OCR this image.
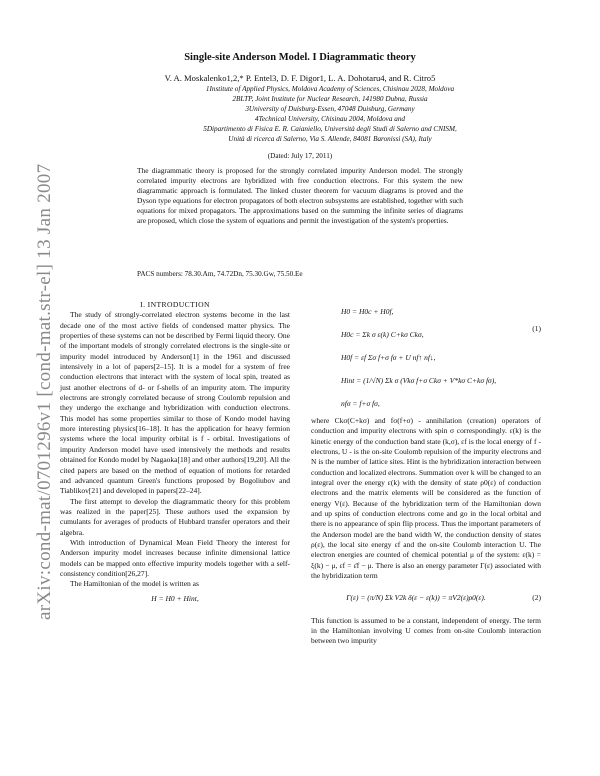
arXiv:cond-mat/0701296v1 [cond-mat.str-el] 13 Jan 2007
Single-site Anderson Model. I Diagrammatic theory
V. A. Moskalenko1,2,* P. Entel3, D. F. Digor1, L. A. Dohotaru4, and R. Citro5
1Institute of Applied Physics, Moldova Academy of Sciences, Chisinau 2028, Moldova
2BLTP, Joint Institute for Nuclear Research, 141980 Dubna, Russia
3University of Duisburg-Essen, 47048 Duisburg, Germany
4Technical University, Chisinau 2004, Moldova and
5Dipartimento di Fisica E. R. Caianiello, Università degli Studi di Salerno and CNISM,
Unità di ricerca di Salerno, Via S. Allende, 84081 Baronissi (SA), Italy
(Dated: July 17, 2011)
The diagrammatic theory is proposed for the strongly correlated impurity Anderson model. The strongly correlated impurity electrons are hybridized with free conduction electrons. For this system the new diagrammatic approach is formulated. The linked cluster theorem for vacuum diagrams is proved and the Dyson type equations for electron propagators of both electron subsystems are established, together with such equations for mixed propagators. The approximations based on the summing the infinite series of diagrams are proposed, which close the system of equations and permit the investigation of the system's properties.
PACS numbers: 78.30.Am, 74.72Dn, 75.30.Gw, 75.50.Ee

I. INTRODUCTION

The study of strongly-correlated electron systems become in the last decade one of the most active fields of condensed matter physics. The properties of these systems can not be described by Fermi liquid theory. One of the important models of strongly correlated electrons is the single-site or impurity model introduced by Anderson[1] in the 1961 and discussed intensively in a lot of papers[2–15]. It is a model for a system of free conduction electrons that interact with the system of local spin, treated as just another electrons of d- or f-shells of an impurity atom. The impurity electrons are strongly correlated because of strong Coulomb repulsion and they undergo the exchange and hybridization with conduction electrons. This model has some properties similar to those of Kondo model having more interesting physics[16–18]. It has the application for heavy fermion systems where the local impurity orbital is f - orbital. Investigations of impurity Anderson model have used intensively the methods and results obtained for Kondo model by Nagaoka[18] and other authors[19,20]. All the cited papers are based on the method of equation of motions for retarded and advanced quantum Green's functions proposed by Bogoliubov and Tiablikov[21] and developed in papers[22–24].

The first attempt to develop the diagrammatic theory for this problem was realized in the paper[25]. These authors used the expansion by cumulants for averages of products of Hubbard transfer operators and their algebra.

With introduction of Dynamical Mean Field Theory the interest for Anderson impurity model increases because infinite dimensional lattice models can be mapped onto effective impurity models together with a self-consistency condition[26,27].

The Hamiltonian of the model is written as

H = H0 + Hint,

H0 = H0c + H0f,
H0c = Σk σ ε(k) C+kσ Ckσ,
H0f = εf Σσ f+σ fσ + U nf↑ nf↓,
Hint = (1/√N) Σk σ (Vkσ f+σ Ckσ + V*kσ C+kσ fσ),
nfσ = f+σ fσ,
(1)

where Ckσ(C+kσ) and fσ(f+σ) - annihilation (creation) operators of conduction and impurity electrons with spin σ correspondingly. ε(k) is the kinetic energy of the conduction band state (k,σ), εf is the local energy of f - electrons, U - is the on-site Coulomb repulsion of the impurity electrons and N is the number of lattice sites. Hint is the hybridization interaction between conduction and localized electrons. Summation over k will be changed to an integral over the energy ε(k) with the density of state ρ0(ε) of conduction electrons and the matrix elements will be considered as the function of energy V(ε). Because of the hybridization term of the Hamiltonian down and up spins of conduction electrons come and go in the local orbital and there is no appearance of spin flip process. Thus the important parameters of the Anderson model are the band width W, the conduction density of states ρ(ε), the local site energy εf and the on-site Coulomb interaction U. The electron energies are counted of chemical potential μ of the system: ε(k) = ξ(k) − μ, εf = ε̄f − μ. There is also an energy parameter Γ(ε) associated with the hybridization term

Γ(ε) = (π/N) Σk V2k δ(ε − ε(k)) = πV2(ε)ρ0(ε).	(2)

This function is assumed to be a constant, independent of energy. The term in the Hamiltonian involving U comes from on-site Coulomb interaction between two impurity
